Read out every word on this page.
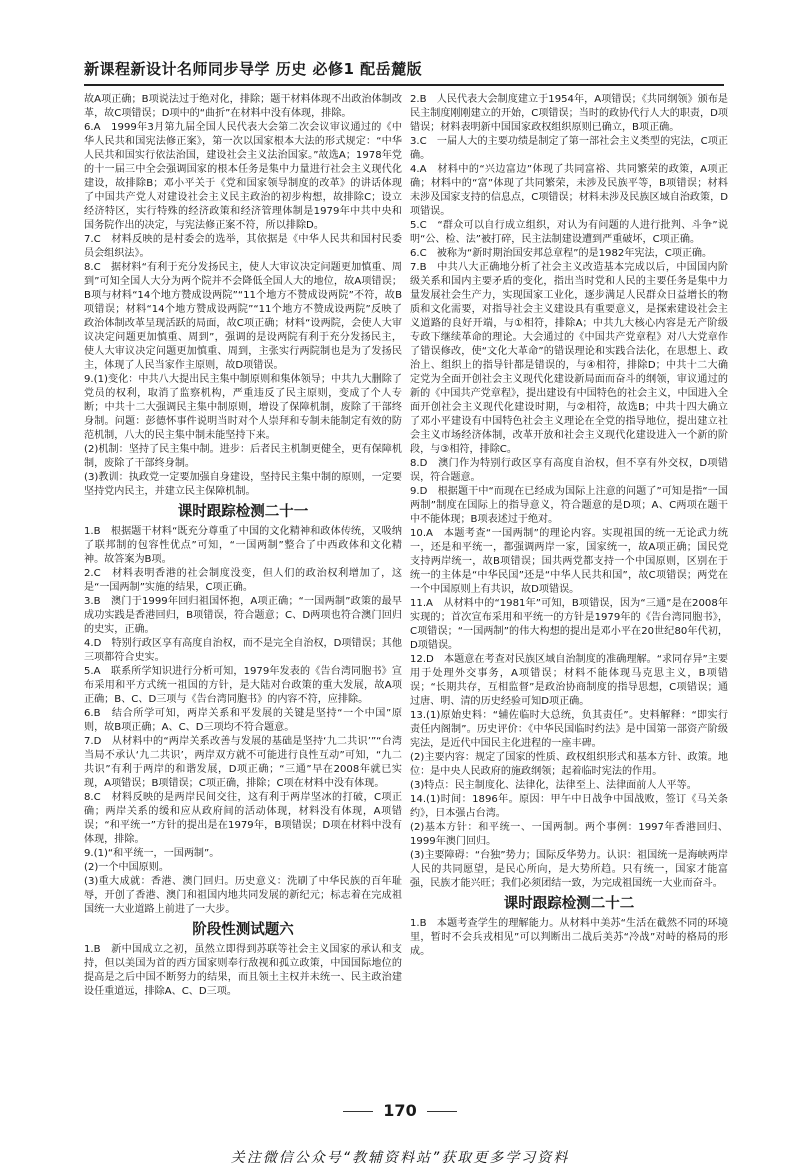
新课程新设计名师同步导学 历史 必修1 配岳麓版

故A项正确；B项说法过于绝对化，排除；题干材料体现不出政治体制改革，故C项错误；D项中的“曲折”在材料中没有体现，排除。

6.A　1999年3月第九届全国人民代表大会第二次会议审议通过的《中华人民共和国宪法修正案》，第一次以国家根本大法的形式规定：“中华人民共和国实行依法治国，建设社会主义法治国家。”故选A；1978年党的十一届三中全会强调国家的根本任务是集中力量进行社会主义现代化建设，故排除B；邓小平关于《党和国家领导制度的改革》的讲话体现了中国共产党人对建设社会主义民主政治的初步构想，故排除C；设立经济特区，实行特殊的经济政策和经济管理体制是1979年中共中央和国务院作出的决定，与宪法修正案不符，所以排除D。

7.C　材料反映的是村委会的选举，其依据是《中华人民共和国村民委员会组织法》。

8.C　据材料“有利于充分发扬民主，使人大审议决定问题更加慎重、周到”可知全国人大分为两个院并不会降低全国人大的地位，故A项错误；B项与材料“14个地方赞成设两院”“11个地方不赞成设两院”不符，故B项错误；材料“14个地方赞成设两院”“11个地方不赞成设两院”反映了政治体制改革呈现活跃的局面，故C项正确；材料“设两院，会使人大审议决定问题更加慎重、周到”，强调的是设两院有利于充分发扬民主，使人大审议决定问题更加慎重、周到，主张实行两院制也是为了发扬民主，体现了人民当家作主原则，故D项错误。

9.(1)变化：中共八大提出民主集中制原则和集体领导；中共九大删除了党员的权利，取消了监察机构，严重违反了民主原则，变成了个人专断；中共十二大强调民主集中制原则，增设了保障机制，废除了干部终身制。问题：彭德怀事件说明当时对个人崇拜和专制未能制定有效的防范机制，八大的民主集中制未能坚持下来。

(2)机制：坚持了民主集中制。进步：后者民主机制更健全，更有保障机制，废除了干部终身制。

(3)教训：执政党一定要加强自身建设，坚持民主集中制的原则，一定要坚持党内民主，并建立民主保障机制。

课时跟踪检测二十一

1.B　根据题干材料“既充分尊重了中国的文化精神和政体传统，又吸纳了联邦制的包容性优点”可知，“一国两制”整合了中西政体和文化精神。故答案为B项。

2.C　材料表明香港的社会制度没变，但人们的政治权利增加了，这是“一国两制”实施的结果，C项正确。

3.B　澳门于1999年回归祖国怀抱，A项正确；“一国两制”政策的最早成功实践是香港回归，B项错误，符合题意；C、D两项也符合澳门回归的史实，正确。

4.D　特别行政区享有高度自治权，而不是完全自治权，D项错误；其他三项都符合史实。

5.A　联系所学知识进行分析可知，1979年发表的《告台湾同胞书》宣布采用和平方式统一祖国的方针，是大陆对台政策的重大发展，故A项正确；B、C、D三项与《告台湾同胞书》的内容不符，应排除。

6.B　结合所学可知，两岸关系和平发展的关键是坚持“一个中国”原则，故B项正确；A、C、D三项均不符合题意。

7.D　从材料中的“两岸关系改善与发展的基础是坚持‘九二共识’”“台湾当局不承认‘九二共识’，两岸双方就不可能进行良性互动”可知，“九二共识”有利于两岸的和谐发展，D项正确；“三通”早在2008年就已实现，A项错误；B项错误；C项正确，排除；C项在材料中没有体现。

8.C　材料反映的是两岸民间交往，这有利于两岸坚冰的打破，C项正确；两岸关系的缓和应从政府间的活动体现，材料没有体现，A项错误；“和平统一”方针的提出是在1979年，B项错误；D项在材料中没有体现，排除。

9.(1)“和平统一，一国两制”。

(2)一个中国原则。

(3)重大成就：香港、澳门回归。历史意义：洗刷了中华民族的百年耻辱，开创了香港、澳门和祖国内地共同发展的新纪元；标志着在完成祖国统一大业道路上前进了一大步。

阶段性测试题六

1.B　新中国成立之初，虽然立即得到苏联等社会主义国家的承认和支持，但以美国为首的西方国家则奉行敌视和孤立政策，中国国际地位的提高是之后中国不断努力的结果，而且领土主权并未统一、民主政治建设任重道远，排除A、C、D三项。

2.B　人民代表大会制度建立于1954年，A项错误；《共同纲领》颁布是民主制度刚刚建立的开始，C项错误；当时的政协代行人大的职责，D项错误；材料表明新中国国家政权组织原则已确立，B项正确。

3.C　一届人大的主要功绩是制定了第一部社会主义类型的宪法，C项正确。

4.A　材料中的“兴边富边”体现了共同富裕、共同繁荣的政策，A项正确；材料中的“富”体现了共同繁荣，未涉及民族平等，B项错误；材料未涉及国家支持的信息点，C项错误；材料未涉及民族区域自治政策，D项错误。

5.C　“群众可以自行成立组织，对认为有问题的人进行批判、斗争”说明“公、检、法”被打碎，民主法制建设遭到严重破坏，C项正确。

6.C　被称为“新时期治国安邦总章程”的是1982年宪法，C项正确。

7.B　中共八大正确地分析了社会主义改造基本完成以后，中国国内阶级关系和国内主要矛盾的变化，指出当时党和人民的主要任务是集中力量发展社会生产力，实现国家工业化，逐步满足人民群众日益增长的物质和文化需要，对指导社会主义建设具有重要意义，是探索建设社会主义道路的良好开端，与①相符，排除A；中共九大核心内容是无产阶级专政下继续革命的理论。大会通过的《中国共产党章程》对八大党章作了错误修改，使“文化大革命”的错误理论和实践合法化，在思想上、政治上、组织上的指导针都是错误的，与④相符，排除D；中共十二大确定党为全面开创社会主义现代化建设新局面而奋斗的纲领，审议通过的新的《中国共产党章程》，提出建设有中国特色的社会主义，中国进入全面开创社会主义现代化建设时期，与②相符，故选B；中共十四大确立了邓小平建设有中国特色社会主义理论在全党的指导地位，提出建立社会主义市场经济体制，改革开放和社会主义现代化建设进入一个新的阶段，与③相符，排除C。

8.D　澳门作为特别行政区享有高度自治权，但不享有外交权，D项错误，符合题意。

9.D　根据题干中“而现在已经成为国际上注意的问题了”可知是指“一国两制”制度在国际上的指导意义，符合题意的是D项；A、C两项在题干中不能体现；B项表述过于绝对。

10.A　本题考查“一国两制”的理论内容。实现祖国的统一无论武力统一，还是和平统一，都强调两岸一家，国家统一，故A项正确；国民党支持两岸统一，故B项错误；国共两党都支持一个中国原则，区别在于统一的主体是“中华民国”还是“中华人民共和国”，故C项错误；两党在一个中国原则上有共识，故D项错误。

11.A　从材料中的“1981年”可知，B项错误，因为“三通”是在2008年实现的；首次宣布采用和平统一的方针是1979年的《告台湾同胞书》，C项错误；“一国两制”的伟大构想的提出是邓小平在20世纪80年代初，D项错误。

12.D　本题意在考查对民族区域自治制度的准确理解。“求同存异”主要用于处理外交事务，A项错误；材料不能体现马克思主义，B项错误；“长期共存，互相监督”是政治协商制度的指导思想，C项错误；通过唐、明、清的历史经验可知D项正确。

13.(1)原始史料：“辅佐临时大总统，负其责任”。史料解释：“即实行责任内阁制”。历史评价：《中华民国临时约法》是中国第一部资产阶级宪法，是近代中国民主化进程的一座丰碑。

(2)主要内容：规定了国家的性质、政权组织形式和基本方针、政策。地位：是中央人民政府的施政纲领；起着临时宪法的作用。

(3)特点：民主制度化、法律化，法律至上、法律面前人人平等。

14.(1)时间：1896年。原因：甲午中日战争中国战败，签订《马关条约》，日本强占台湾。

(2)基本方针：和平统一、一国两制。两个事例：1997年香港回归、1999年澳门回归。

(3)主要障碍：“台独”势力；国际反华势力。认识：祖国统一是海峡两岸人民的共同愿望，是民心所向，是大势所趋。只有统一，国家才能富强，民族才能兴旺；我们必须团结一致，为完成祖国统一大业而奋斗。

课时跟踪检测二十二

1.B　本题考查学生的理解能力。从材料中美苏“生活在截然不同的环境里，暂时不会兵戎相见”可以判断出二战后美苏“冷战”对峙的格局的形成。

170
关注微信公众号“教辅资料站”获取更多学习资料
